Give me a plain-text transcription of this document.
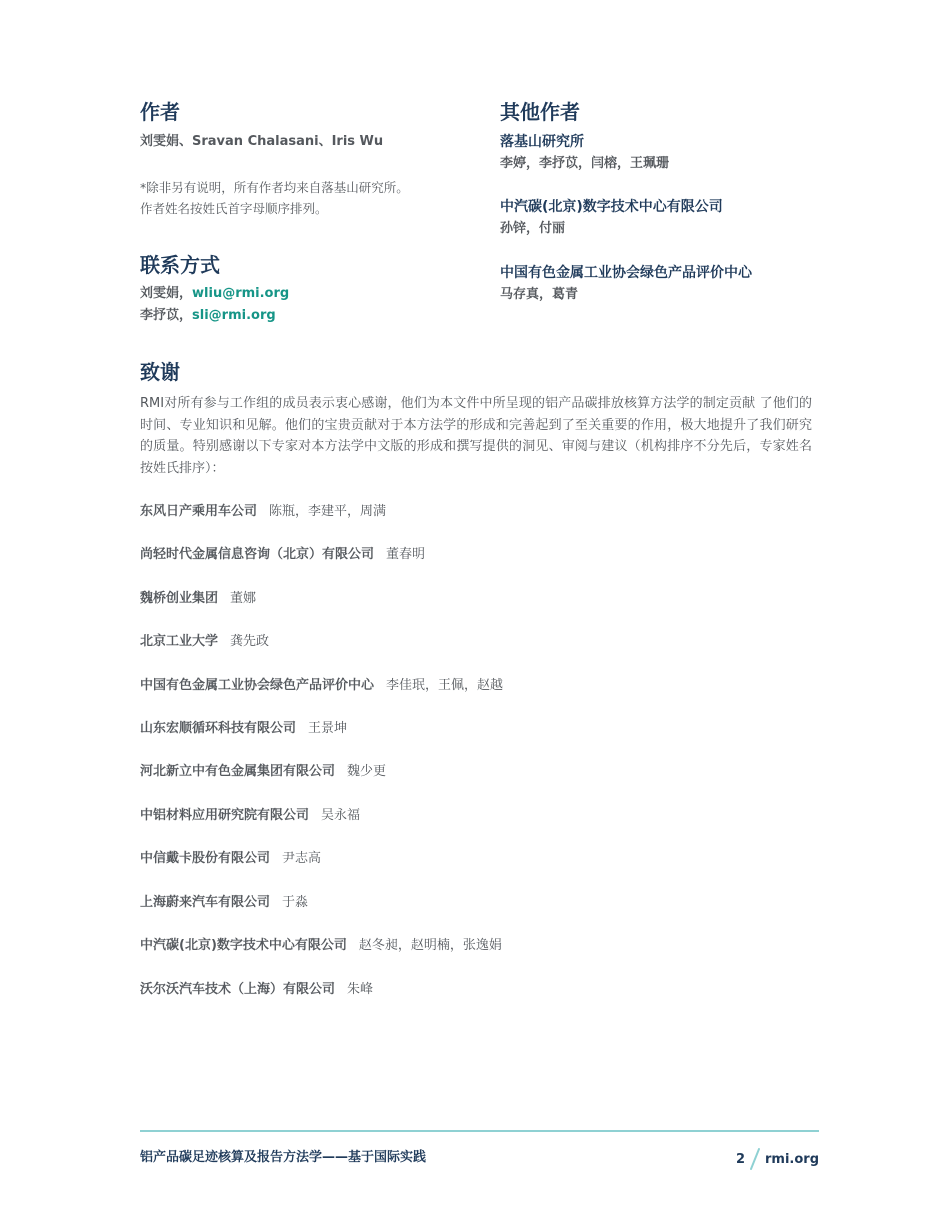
作者

刘雯娟、Sravan Chalasani、Iris Wu

*除非另有说明，所有作者均来自落基山研究所。

作者姓名按姓氏首字母顺序排列。

联系方式

刘雯娟，wliu@rmi.org

李抒苡，sli@rmi.org

其他作者

落基山研究所

李婷，李抒苡，闫榕，王珮珊

中汽碳(北京)数字技术中心有限公司

孙锌，付丽

中国有色金属工业协会绿色产品评价中心

马存真，葛青

致谢

RMI对所有参与工作组的成员表示衷心感谢，他们为本文件中所呈现的铝产品碳排放核算方法学的制定贡献 了他们的时间、专业知识和见解。他们的宝贵贡献对于本方法学的形成和完善起到了至关重要的作用，极大地提升了我们研究的质量。特别感谢以下专家对本方法学中文版的形成和撰写提供的洞见、审阅与建议（机构排序不分先后，专家姓名按姓氏排序）：

东风日产乘用车公司 陈瓶，李建平，周满

尚轻时代金属信息咨询（北京）有限公司 董春明

魏桥创业集团 董娜

北京工业大学 龚先政

中国有色金属工业协会绿色产品评价中心 李佳珉，王佩，赵越

山东宏顺循环科技有限公司 王景坤

河北新立中有色金属集团有限公司 魏少更

中铝材料应用研究院有限公司 吴永福

中信戴卡股份有限公司 尹志高

上海蔚来汽车有限公司 于淼

中汽碳(北京)数字技术中心有限公司 赵冬昶，赵明楠，张逸娟

沃尔沃汽车技术（上海）有限公司 朱峰

铝产品碳足迹核算及报告方法学——基于国际实践	2 rmi.org
